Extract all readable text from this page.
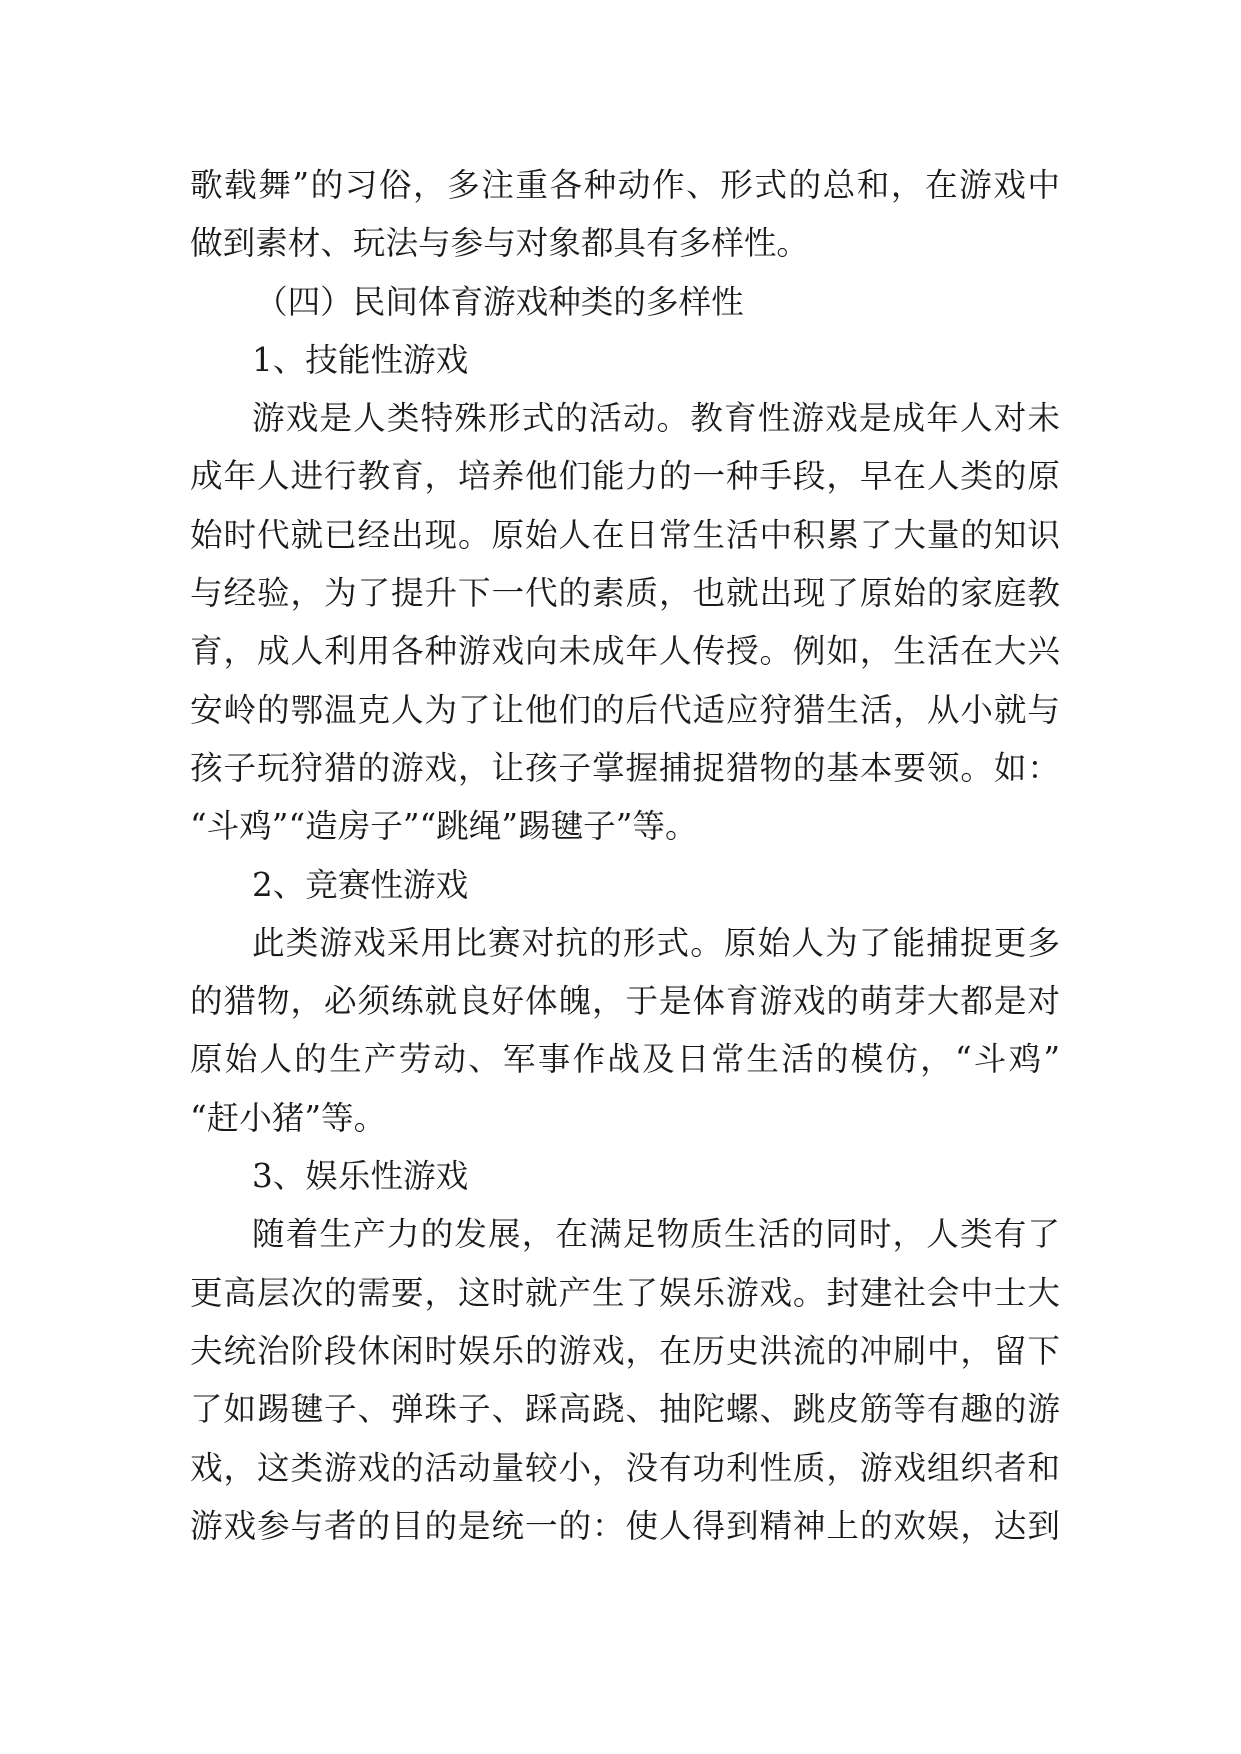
歌载舞”的习俗，多注重各种动作、形式的总和，在游戏中
做到素材、玩法与参与对象都具有多样性。
（四）民间体育游戏种类的多样性
1、技能性游戏
游戏是人类特殊形式的活动。教育性游戏是成年人对未
成年人进行教育，培养他们能力的一种手段，早在人类的原
始时代就已经出现。原始人在日常生活中积累了大量的知识
与经验，为了提升下一代的素质，也就出现了原始的家庭教
育，成人利用各种游戏向未成年人传授。例如，生活在大兴
安岭的鄂温克人为了让他们的后代适应狩猎生活，从小就与
孩子玩狩猎的游戏，让孩子掌握捕捉猎物的基本要领。如：
“斗鸡”“造房子”“跳绳”踢毽子”等。
2、竞赛性游戏
此类游戏采用比赛对抗的形式。原始人为了能捕捉更多
的猎物，必须练就良好体魄，于是体育游戏的萌芽大都是对
原始人的生产劳动、军事作战及日常生活的模仿，“斗鸡”
“赶小猪”等。
3、娱乐性游戏
随着生产力的发展，在满足物质生活的同时，人类有了
更高层次的需要，这时就产生了娱乐游戏。封建社会中士大
夫统治阶段休闲时娱乐的游戏，在历史洪流的冲刷中，留下
了如踢毽子、弹珠子、踩高跷、抽陀螺、跳皮筋等有趣的游
戏，这类游戏的活动量较小，没有功利性质，游戏组织者和
游戏参与者的目的是统一的：使人得到精神上的欢娱，达到
